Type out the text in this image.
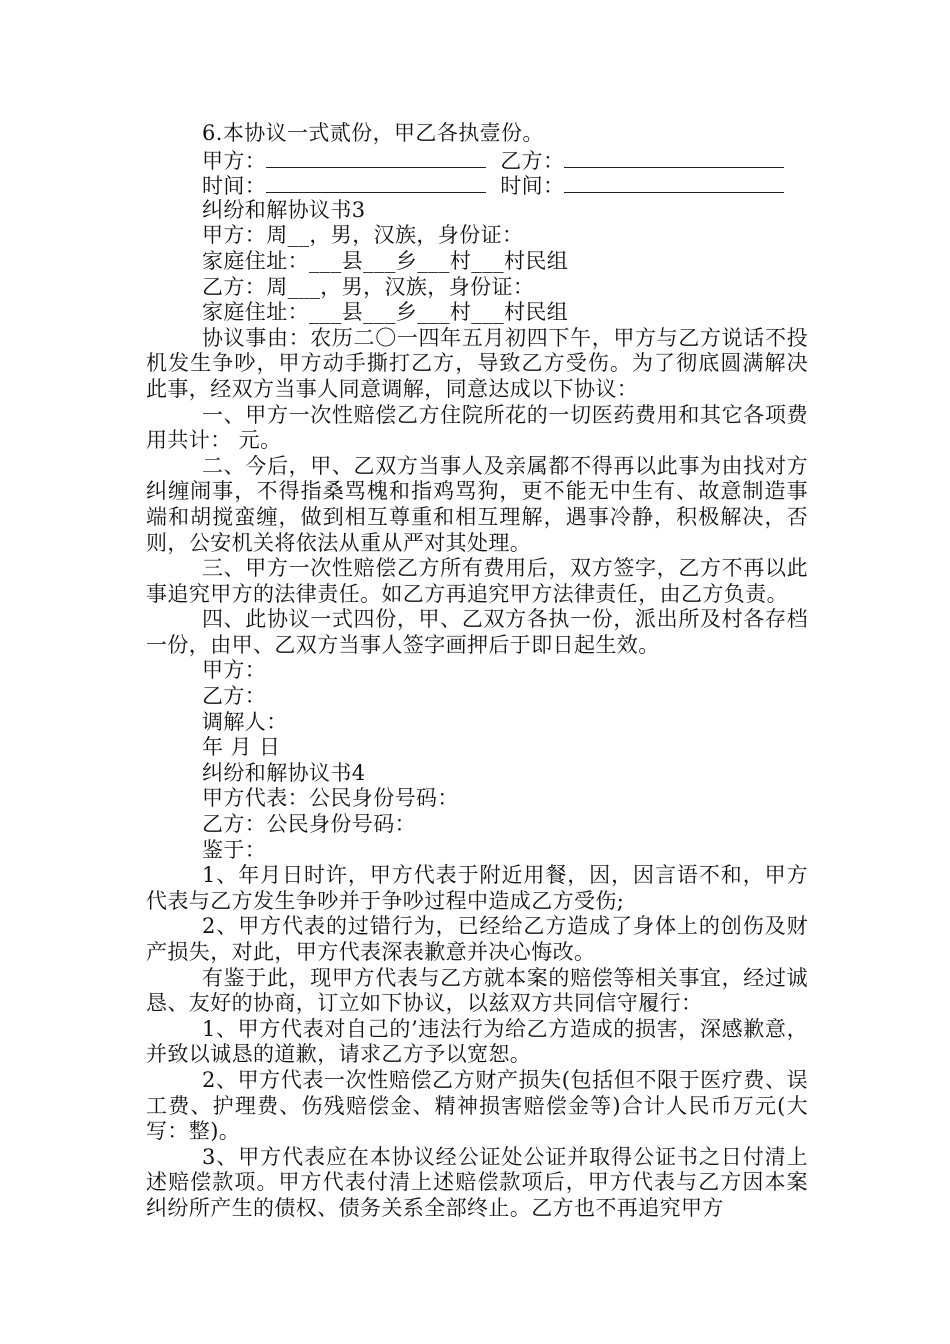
6.本协议一式贰份，甲乙各执壹份。

甲方：	乙方：

时间：	时间：

纠纷和解协议书3

甲方：周__，男，汉族，身份证：

家庭住址：___县___乡___村___村民组

乙方：周___，男，汉族，身份证：

家庭住址：___县___乡___村___村民组

协议事由：农历二〇一四年五月初四下午，甲方与乙方说话不投机发生争吵，甲方动手撕打乙方，导致乙方受伤。为了彻底圆满解决此事，经双方当事人同意调解，同意达成以下协议：

一、甲方一次性赔偿乙方住院所花的一切医药费用和其它各项费用共计： 元。

二、今后，甲、乙双方当事人及亲属都不得再以此事为由找对方纠缠闹事，不得指桑骂槐和指鸡骂狗，更不能无中生有、故意制造事端和胡搅蛮缠，做到相互尊重和相互理解，遇事冷静，积极解决，否则，公安机关将依法从重从严对其处理。

三、甲方一次性赔偿乙方所有费用后，双方签字，乙方不再以此事追究甲方的法律责任。如乙方再追究甲方法律责任，由乙方负责。

四、此协议一式四份，甲、乙双方各执一份，派出所及村各存档一份，由甲、乙双方当事人签字画押后于即日起生效。

甲方：

乙方：

调解人：

年 月 日

纠纷和解协议书4

甲方代表：公民身份号码：

乙方：公民身份号码：

鉴于：

1、年月日时许，甲方代表于附近用餐，因，因言语不和，甲方代表与乙方发生争吵并于争吵过程中造成乙方受伤;

2、甲方代表的过错行为，已经给乙方造成了身体上的创伤及财产损失，对此，甲方代表深表歉意并决心悔改。

有鉴于此，现甲方代表与乙方就本案的赔偿等相关事宜，经过诚恳、友好的协商，订立如下协议，以兹双方共同信守履行：

1、甲方代表对自己的’违法行为给乙方造成的损害，深感歉意，并致以诚恳的道歉，请求乙方予以宽恕。

2、甲方代表一次性赔偿乙方财产损失(包括但不限于医疗费、误工费、护理费、伤残赔偿金、精神损害赔偿金等)合计人民币万元(大写：整)。

3、甲方代表应在本协议经公证处公证并取得公证书之日付清上述赔偿款项。甲方代表付清上述赔偿款项后，甲方代表与乙方因本案纠纷所产生的债权、债务关系全部终止。乙方也不再追究甲方
